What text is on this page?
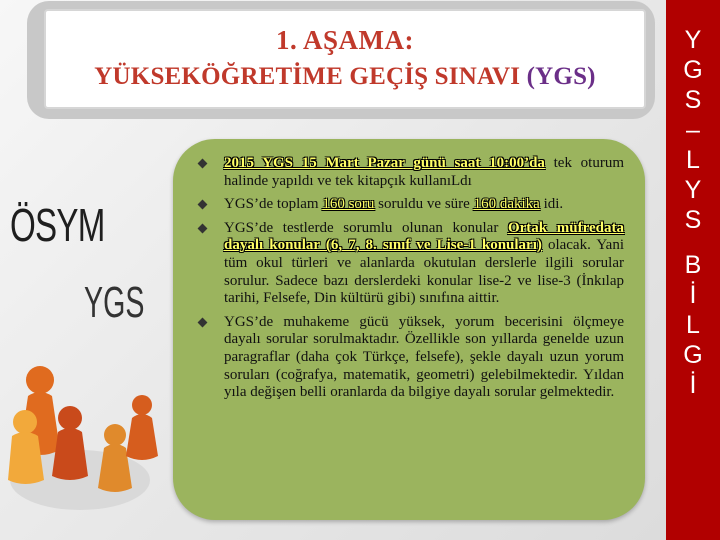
1. AŞAMA:
YÜKSEKÖĞRETİME GEÇİŞ SINAVI (YGS)
ÖSYM
YGS
2015 YGS 15 Mart Pazar günü saat 10:00’da tek oturum halinde yapıldı ve tek kitapçık kullanıLdı
YGS’de toplam 160 soru soruldu ve süre 160 dakika idi.
YGS’de testlerde sorumlu olunan konular Ortak müfredata dayalı konular (6, 7, 8. sınıf ve Lise-1 konuları) olacak. Yani tüm okul türleri ve alanlarda okutulan derslerle ilgili sorular sorulur. Sadece bazı derslerdeki konular lise-2 ve lise-3 (İnkılap tarihi, Felsefe, Din kültürü gibi) sınıfına aittir.
YGS’de muhakeme gücü yüksek, yorum becerisini ölçmeye dayalı sorular sorulmaktadır. Özellikle son yıllarda genelde uzun paragraflar (daha çok Türkçe, felsefe), şekle dayalı uzun yorum soruları (coğrafya, matematik, geometri) gelebilmektedir. Yıldan yıla değişen belli oranlarda da bilgiye dayalı sorular gelmektedir.
Y
G
S
–
L
Y
S
B
İ
L
G
İ
